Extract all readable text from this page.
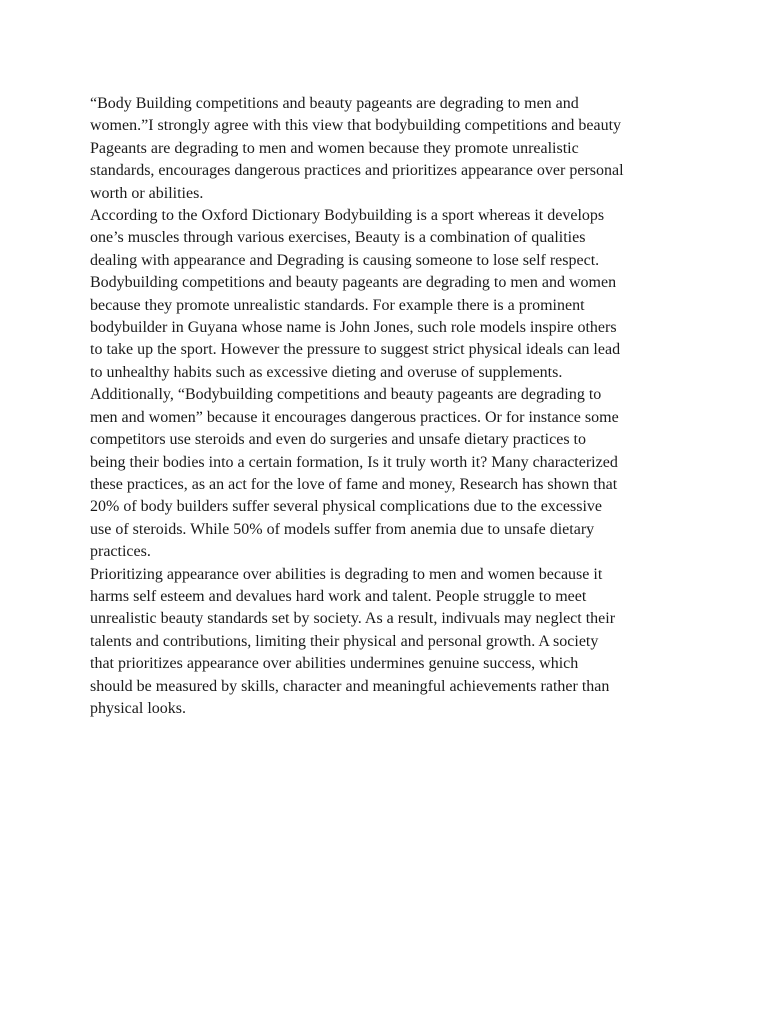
“Body Building competitions and beauty pageants are degrading to men and
women.”I strongly agree with this view that bodybuilding competitions and beauty
Pageants are degrading to men and women because they promote unrealistic
standards, encourages dangerous practices and prioritizes appearance over personal
worth or abilities.

According to the Oxford Dictionary Bodybuilding is a sport whereas it develops
one’s muscles through various exercises, Beauty is a combination of qualities
dealing with appearance and Degrading is causing someone to lose self respect.

Bodybuilding competitions and beauty pageants are degrading to men and women
because they promote unrealistic standards. For example there is a prominent
bodybuilder in Guyana whose name is John Jones, such role models inspire others
to take up the sport. However the pressure to suggest strict physical ideals can lead
to unhealthy habits such as excessive dieting and overuse of supplements.

Additionally, “Bodybuilding competitions and beauty pageants are degrading to
men and women” because it encourages dangerous practices. Or for instance some
competitors use steroids and even do surgeries and unsafe dietary practices to
being their bodies into a certain formation, Is it truly worth it? Many characterized
these practices, as an act for the love of fame and money, Research has shown that
20% of body builders suffer several physical complications due to the excessive
use of steroids. While 50% of models suffer from anemia due to unsafe dietary
practices.

Prioritizing appearance over abilities is degrading to men and women because it
harms self esteem and devalues hard work and talent. People struggle to meet
unrealistic beauty standards set by society. As a result, indivuals may neglect their
talents and contributions, limiting their physical and personal growth. A society
that prioritizes appearance over abilities undermines genuine success, which
should be measured by skills, character and meaningful achievements rather than
physical looks.
